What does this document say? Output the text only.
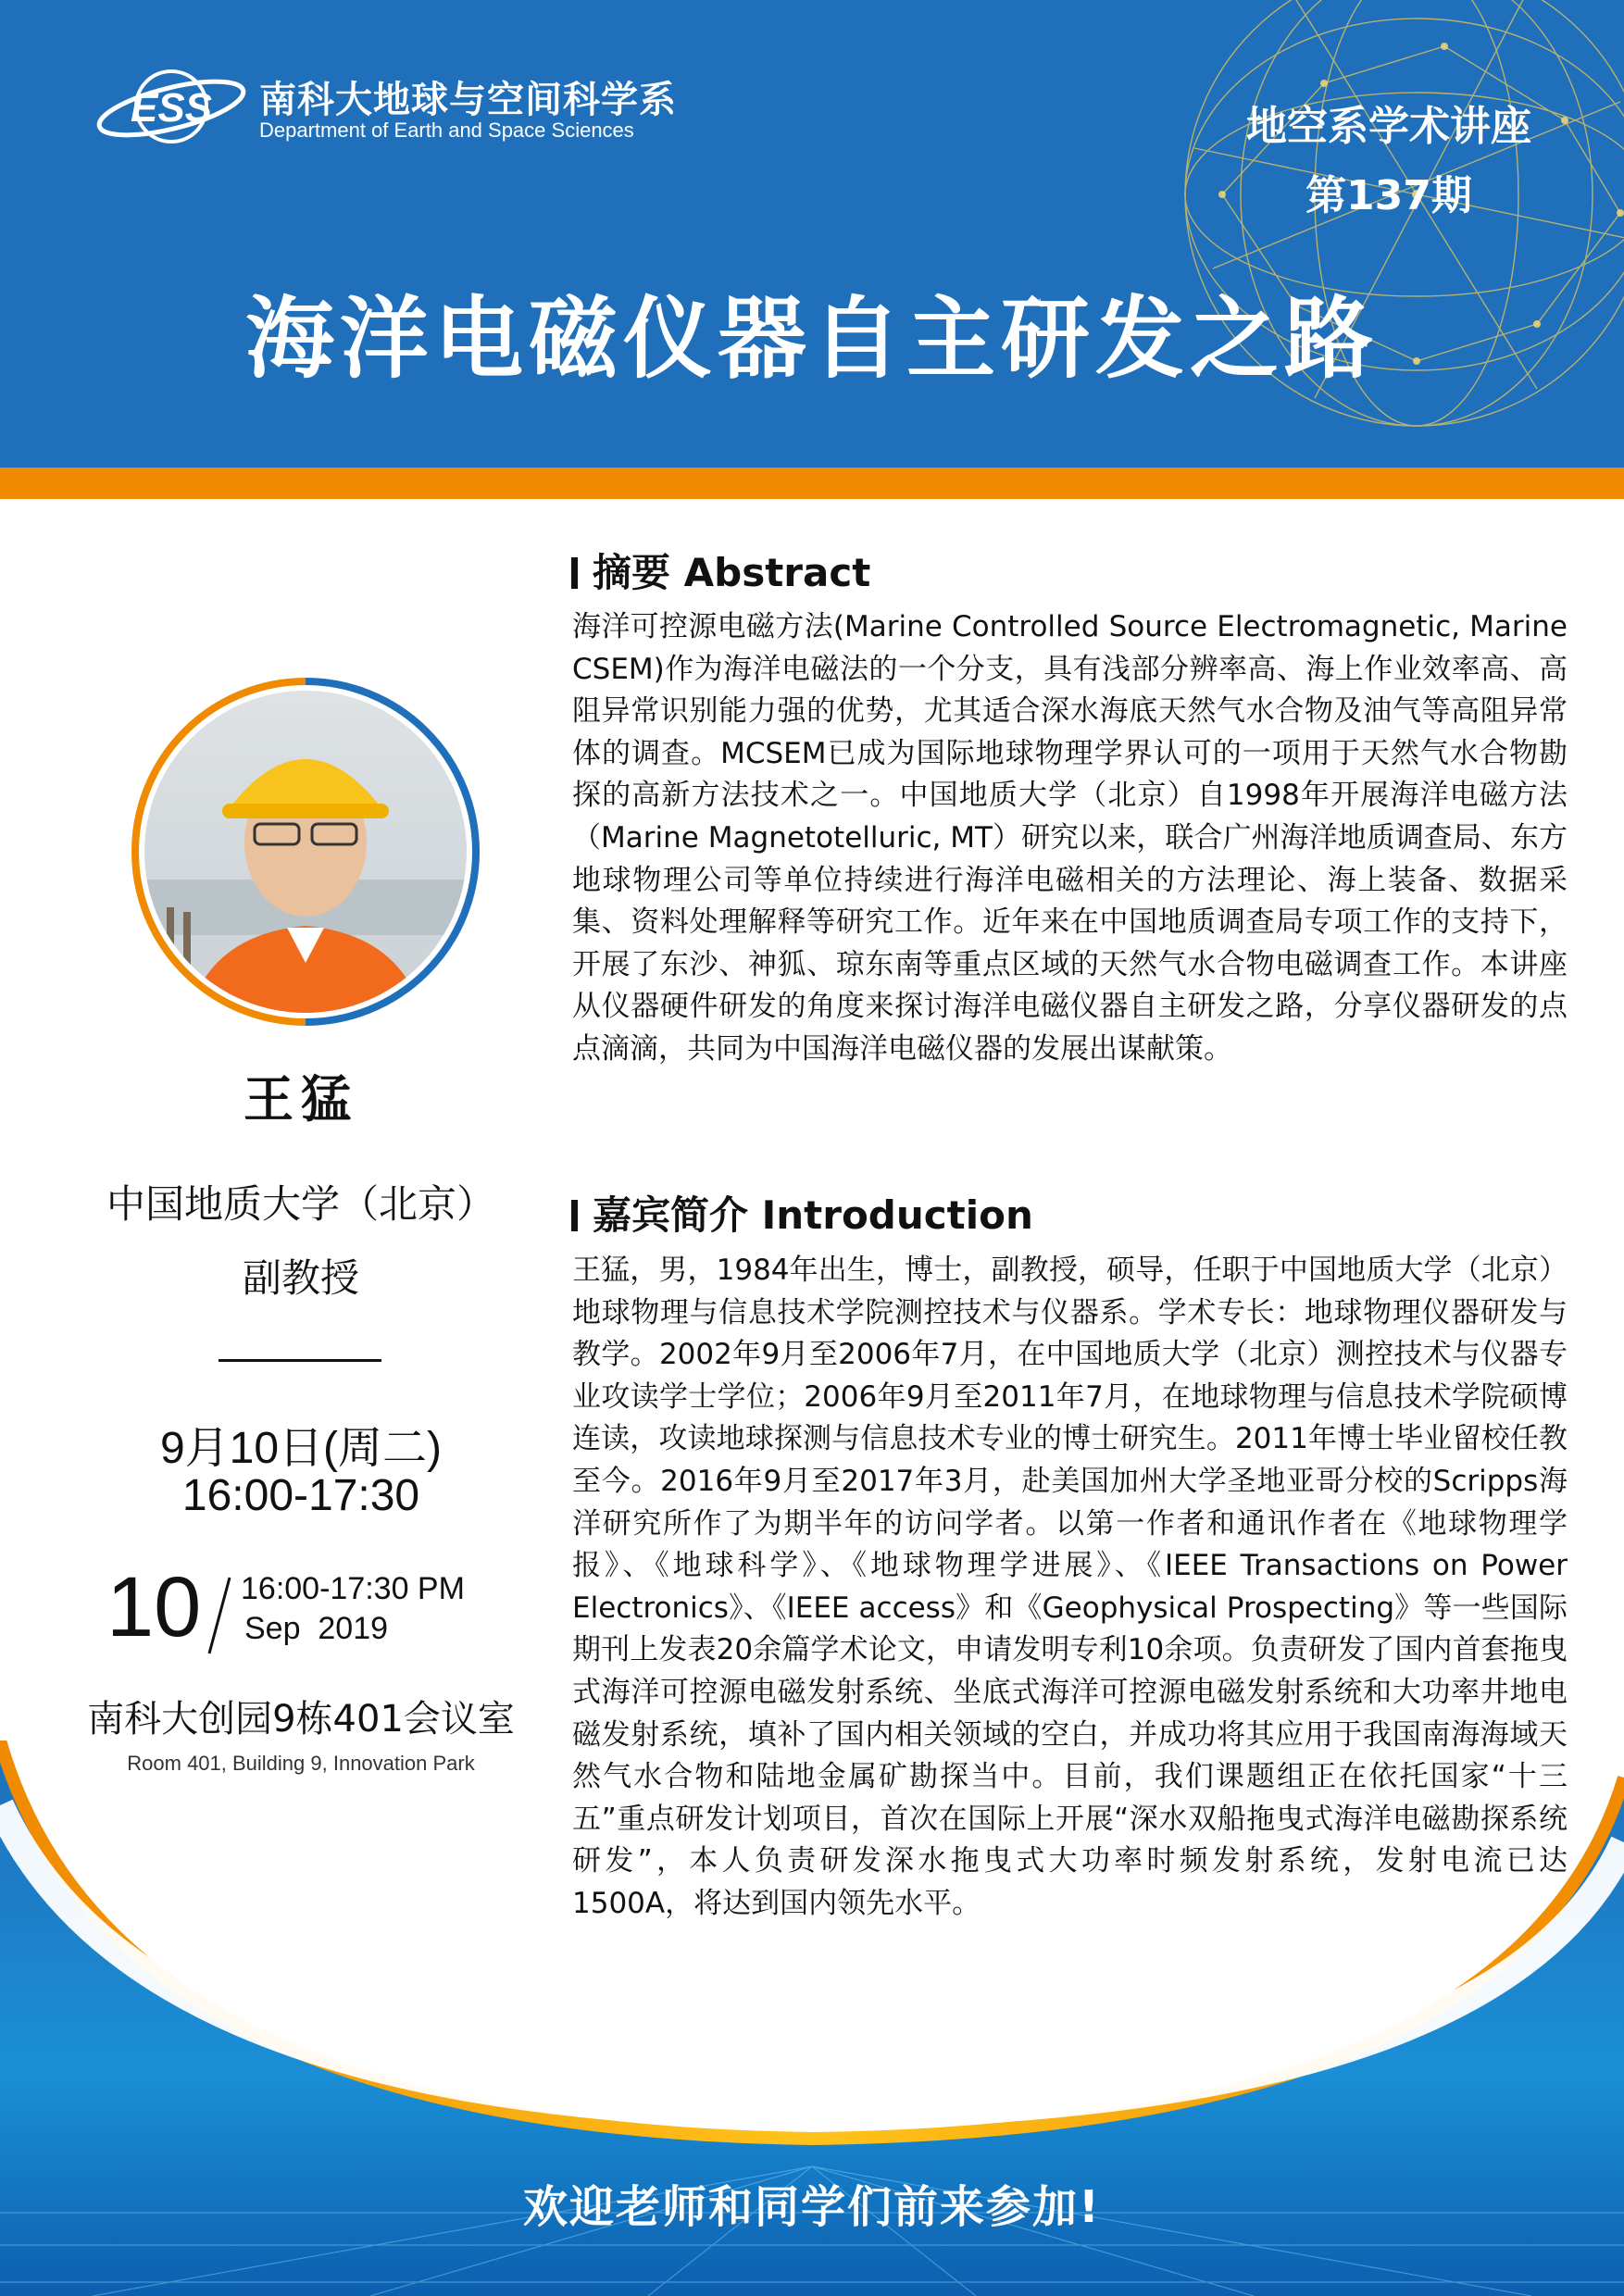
ESS 南科大地球与空间科学系
Department of Earth and Space Sciences	地空系学术讲座
第137期
海洋电磁仪器自主研发之路
王猛
中国地质大学（北京）
副教授
9月10日(周二)
16:00-17:30
10 16:00-17:30 PM
Sep  2019
南科大创园9栋401会议室
Room 401, Building 9, Innovation Park
摘要 Abstract
海洋可控源电磁方法(Marine Controlled Source Electromagnetic, Marine CSEM)作为海洋电磁法的一个分支，具有浅部分辨率高、海上作业效率高、高阻异常识别能力强的优势，尤其适合深水海底天然气水合物及油气等高阻异常体的调查。MCSEM已成为国际地球物理学界认可的一项用于天然气水合物勘探的高新方法技术之一。中国地质大学（北京）自1998年开展海洋电磁方法（Marine Magnetotelluric, MT）研究以来，联合广州海洋地质调查局、东方地球物理公司等单位持续进行海洋电磁相关的方法理论、海上装备、数据采集、资料处理解释等研究工作。近年来在中国地质调查局专项工作的支持下，开展了东沙、神狐、琼东南等重点区域的天然气水合物电磁调查工作。本讲座从仪器硬件研发的角度来探讨海洋电磁仪器自主研发之路，分享仪器研发的点点滴滴，共同为中国海洋电磁仪器的发展出谋献策。
嘉宾简介 Introduction
王猛，男，1984年出生，博士，副教授，硕导，任职于中国地质大学（北京）地球物理与信息技术学院测控技术与仪器系。学术专长：地球物理仪器研发与教学。2002年9月至2006年7月，在中国地质大学（北京）测控技术与仪器专业攻读学士学位；2006年9月至2011年7月，在地球物理与信息技术学院硕博连读，攻读地球探测与信息技术专业的博士研究生。2011年博士毕业留校任教至今。2016年9月至2017年3月，赴美国加州大学圣地亚哥分校的Scripps海洋研究所作了为期半年的访问学者。以第一作者和通讯作者在《地球物理学报》、《地球科学》、《地球物理学进展》、《IEEE Transactions on Power Electronics》、《IEEE access》和《Geophysical Prospecting》等一些国际期刊上发表20余篇学术论文，申请发明专利10余项。负责研发了国内首套拖曳式海洋可控源电磁发射系统、坐底式海洋可控源电磁发射系统和大功率井地电磁发射系统，填补了国内相关领域的空白，并成功将其应用于我国南海海域天然气水合物和陆地金属矿勘探当中。目前，我们课题组正在依托国家“十三五”重点研发计划项目，首次在国际上开展“深水双船拖曳式海洋电磁勘探系统研发”，本人负责研发深水拖曳式大功率时频发射系统，发射电流已达1500A，将达到国内领先水平。
欢迎老师和同学们前来参加!
